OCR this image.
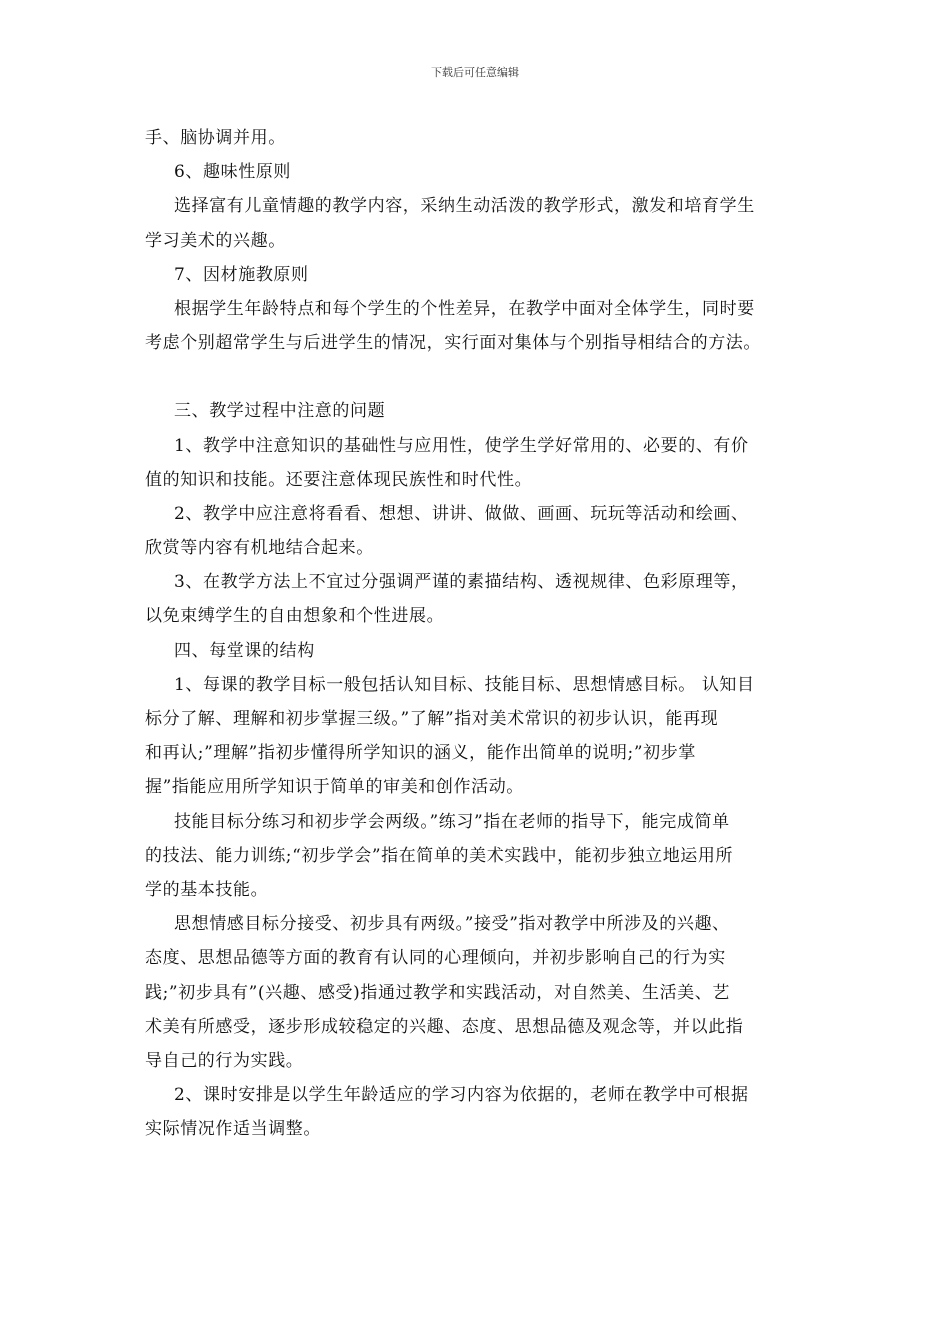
下载后可任意编辑
手、脑协调并用。
6、趣味性原则
选择富有儿童情趣的教学内容，采纳生动活泼的教学形式，激发和培育学生
学习美术的兴趣。
7、因材施教原则
根据学生年龄特点和每个学生的个性差异，在教学中面对全体学生，同时要
考虑个别超常学生与后进学生的情况，实行面对集体与个别指导相结合的方法。
三、教学过程中注意的问题
1、教学中注意知识的基础性与应用性，使学生学好常用的、必要的、有价
值的知识和技能。还要注意体现民族性和时代性。
2、教学中应注意将看看、想想、讲讲、做做、画画、玩玩等活动和绘画、
欣赏等内容有机地结合起来。
3、在教学方法上不宜过分强调严谨的素描结构、透视规律、色彩原理等，
以免束缚学生的自由想象和个性进展。
四、每堂课的结构
1、每课的教学目标一般包括认知目标、技能目标、思想情感目标。 认知目
标分了解、理解和初步掌握三级。”了解”指对美术常识的初步认识，能再现
和再认;”理解”指初步懂得所学知识的涵义，能作出简单的说明;”初步掌
握”指能应用所学知识于简单的审美和创作活动。
技能目标分练习和初步学会两级。”练习”指在老师的指导下，能完成简单
的技法、能力训练;“初步学会”指在简单的美术实践中，能初步独立地运用所
学的基本技能。
思想情感目标分接受、初步具有两级。”接受”指对教学中所涉及的兴趣、
态度、思想品德等方面的教育有认同的心理倾向，并初步影响自己的行为实
践;”初步具有”(兴趣、感受)指通过教学和实践活动，对自然美、生活美、艺
术美有所感受，逐步形成较稳定的兴趣、态度、思想品德及观念等，并以此指
导自己的行为实践。
2、课时安排是以学生年龄适应的学习内容为依据的，老师在教学中可根据
实际情况作适当调整。
